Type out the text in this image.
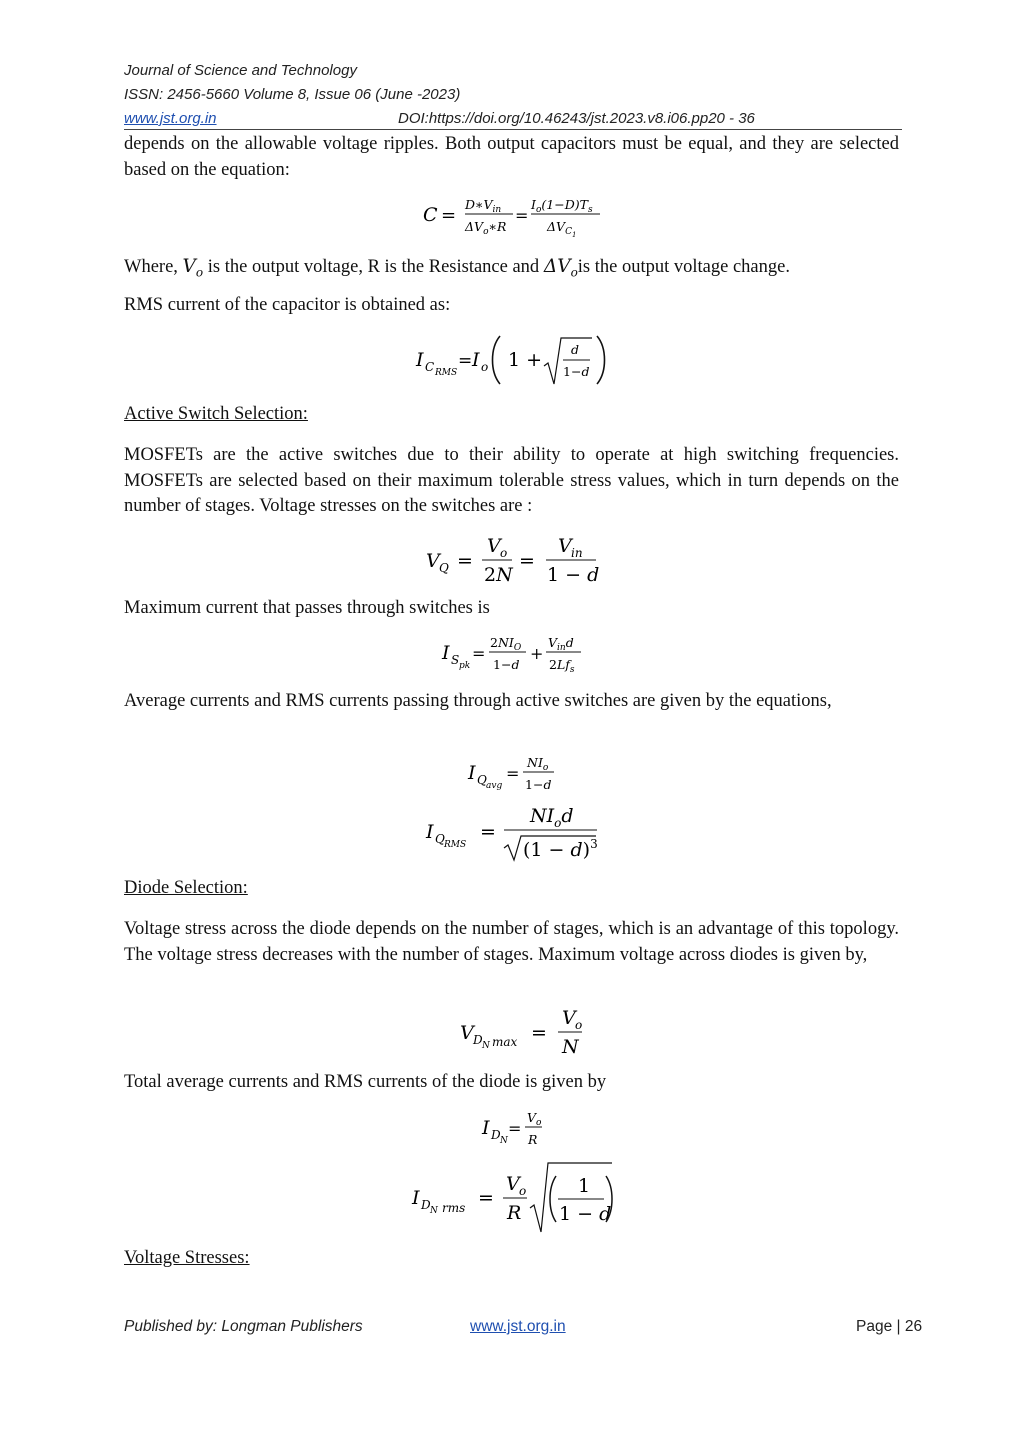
Journal of Science and Technology
ISSN: 2456-5660 Volume 8, Issue 06 (June -2023)
www.jst.org.in	DOI:https://doi.org/10.46243/jst.2023.v8.i06.pp20 - 36
depends on the allowable voltage ripples. Both output capacitors must be equal, and they are selected based on the equation:
C =
$D∗V_{in}$
$\Delta V_o∗R$
=
$I_o(1-D)T_s$
$\Delta V_{C1}$
Where, $V_o$ is the output voltage, R is the Resistance and $\Delta V_ois$ the output voltage change.
RMS current of the capacitor is obtained as:
I C RMS
= I o 1 + d
1−d
Active Switch Selection:
MOSFETs are the active switches due to their ability to operate at high switching frequencies. MOSFETs are selected based on their maximum tolerable stress values, which in turn depends on the number of stages. Voltage stresses on the switches are :
V Q =
V o
2N
=
V in
1 − d
Maximum current that passes through switches is
I S pk
=
$2NI_O$
1−d
+
$V_{in}d$
$2Lf_s$
Average currents and RMS currents passing through active switches are given by the equations,
I Q avg
=
$NI_o$
1−d
I Q RMS
=
$NI_od$
$(1 - d)^3$
Diode Selection:
Voltage stress across the diode depends on the number of stages, which is an advantage of this topology. The voltage stress decreases with the number of stages. Maximum voltage across diodes is given by,
V D N max =
V o
N
Total average currents and RMS currents of the diode is given by
I D N
=
$V_o$
R
I D N rms =
V o
R
1
1 − d
Voltage Stresses:
Published by: Longman Publishers	www.jst.org.in	Page | 26
